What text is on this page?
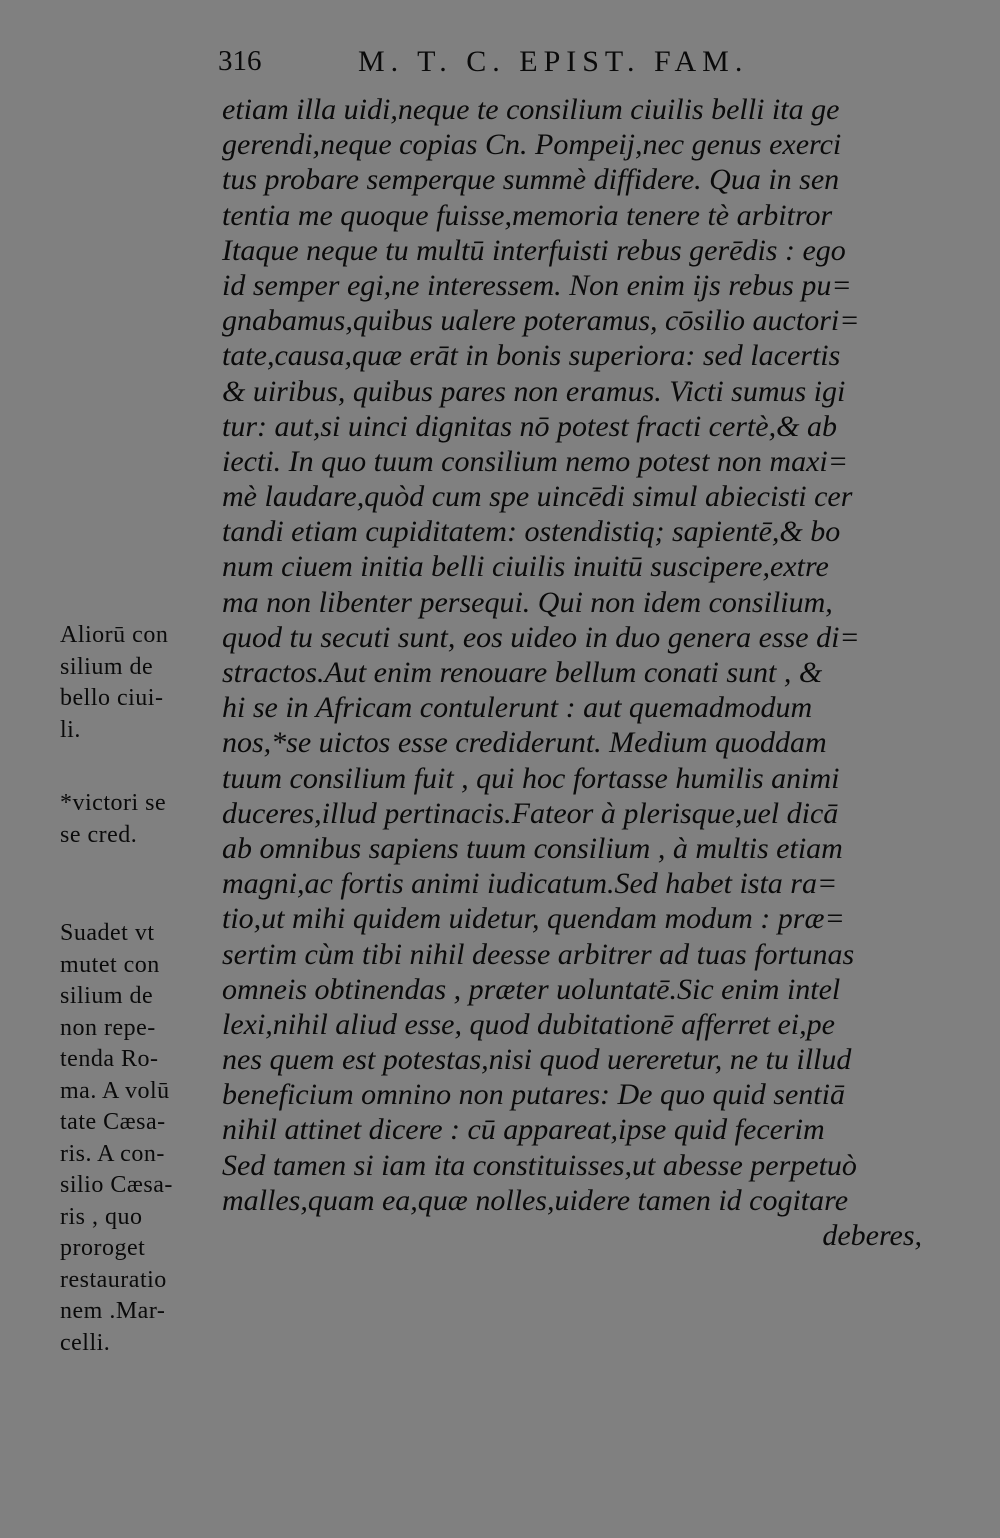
316	M. T. C. EPIST. FAM.
etiam illa uidi,neque te consilium ciuilis belli ita ge
gerendi,neque copias Cn. Pompeij,nec genus exerci
tus probare semperque summè diffidere. Qua in sen
tentia me quoque fuisse,memoria tenere tè arbitror
Itaque neque tu multū interfuisti rebus gerēdis : ego
id semper egi,ne interessem. Non enim ijs rebus pu=
gnabamus,quibus ualere poteramus, cōsilio auctori=
tate,causa,quæ erāt in bonis superiora: sed lacertis
& uiribus, quibus pares non eramus. Victi sumus igi
tur: aut,si uinci dignitas nō potest fracti certè,& ab
iecti. In quo tuum consilium nemo potest non maxi=
mè laudare,quòd cum spe uincēdi simul abiecisti cer
tandi etiam cupiditatem: ostendistiq; sapientē,& bo
num ciuem initia belli ciuilis inuitū suscipere,extre
ma non libenter persequi. Qui non idem consilium,
quod tu secuti sunt, eos uideo in duo genera esse di=
stractos.Aut enim renouare bellum conati sunt , &
hi se in Africam contulerunt : aut quemadmodum
nos,*se uictos esse crediderunt. Medium quoddam
tuum consilium fuit , qui hoc fortasse humilis animi
duceres,illud pertinacis.Fateor à plerisque,uel dicā
ab omnibus sapiens tuum consilium , à multis etiam
magni,ac fortis animi iudicatum.Sed habet ista ra=
tio,ut mihi quidem uidetur, quendam modum : præ=
sertim cùm tibi nihil deesse arbitrer ad tuas fortunas
omneis obtinendas , præter uoluntatē.Sic enim intel
lexi,nihil aliud esse, quod dubitationē afferret ei,pe
nes quem est potestas,nisi quod uereretur, ne tu illud
beneficium omnino non putares: De quo quid sentiā
nihil attinet dicere : cū appareat,ipse quid fecerim
Sed tamen si iam ita constituisses,ut abesse perpetuò
malles,quam ea,quæ nolles,uidere tamen id cogitare
deberes,
Aliorū con
silium de
bello ciui-
li.
*victori se
se cred.
Suadet vt
mutet con
silium de
non repe-
tenda Ro-
ma. A volū
tate Cæsa-
ris. A con-
silio Cæsa-
ris , quo
proroget
restauratio
nem .Mar-
celli.
